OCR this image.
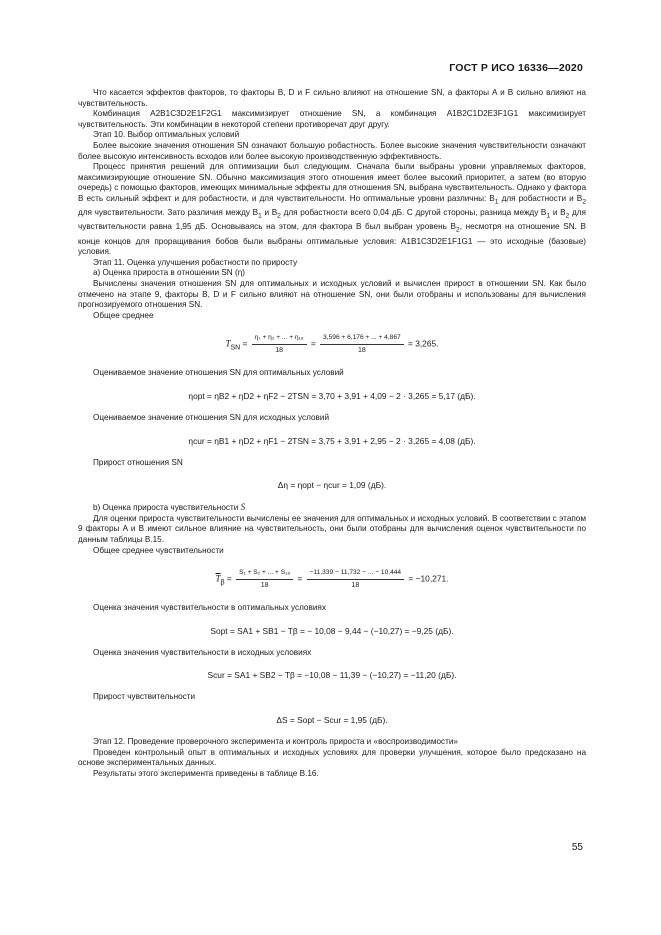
ГОСТ Р ИСО 16336—2020

Что касается эффектов факторов, то факторы B, D и F сильно влияют на отношение SN, а факторы A и B сильно влияют на чувствительность.

Комбинация A2B1C3D2E1F2G1 максимизирует отношение SN, а комбинация A1B2C1D2E3F1G1 максимизирует чувствительность. Эти комбинации в некоторой степени противоречат друг другу.

Этап 10. Выбор оптимальных условий

Более высокие значения отношения SN означают большую робастность. Более высокие значения чувствительности означают более высокую интенсивность всходов или более высокую производственную эффективность.

Процесс принятия решений для оптимизации был следующим. Сначала были выбраны уровни управляемых факторов, максимизирующие отношение SN. Обычно максимизация этого отношения имеет более высокий приоритет, а затем (во вторую очередь) с помощью факторов, имеющих минимальные эффекты для отношения SN, выбрана чувствительность. Однако у фактора B есть сильный эффект и для робастности, и для чувствительности. Но оптимальные уровни различны: $B_1$ для робастности и $B_2$ для чувствительности. Зато различия между $B_1$ и $B_2$ для робастности всего 0,04 дБ. С другой стороны, разница между $B_1$ и $B_2$ для чувствительности равна 1,95 дБ. Основываясь на этом, для фактора B был выбран уровень $B_2$, несмотря на отношение SN. В конце концов для проращивания бобов были выбраны оптимальные условия: A1B1C3D2E1F1G1 — это исходные (базовые) условия.

Этап 11. Оценка улучшения робастности по приросту

а) Оценка прироста в отношении SN (η)

Вычислены значения отношения SN для оптимальных и исходных условий и вычислен прирост в отношении SN. Как было отмечено на этапе 9, факторы B, D и F сильно влияют на отношение SN, они были отобраны и использованы для вычисления прогнозируемого отношения SN.

Общее среднее

$T_{SN} = \frac{\text{η₁ + η₂ + ... + η₁₈}}{18} = \frac{3,596 + 6,176 + ... + 4,867}{18} = 3,265$.

Оцениваемое значение отношения SN для оптимальных условий

ηopt = ηB2 + ηD2 + ηF2 − 2TSN = 3,70 + 3,91 + 4,09 − 2 · 3,265 = 5,17 (дБ).

Оцениваемое значение отношения SN для исходных условий

ηcur = ηB1 + ηD2 + ηF1 − 2TSN = 3,75 + 3,91 + 2,95 − 2 · 3,265 = 4,08 (дБ).

Прирост отношения SN

Δη = ηopt − ηcur = 1,09 (дБ).

b) Оценка прироста чувствительности S

Для оценки прироста чувствительности вычислены ее значения для оптимальных и исходных условий. В соответствии с этапом 9 факторы A и B имеют сильное влияние на чувствительность, они были отобраны для вычисления оценок чувствительности по данным таблицы B.15.

Общее среднее чувствительности

$\overline{T}_\beta = \frac{\text{S₁ + S₂ + ... + S₁₈}}{18} = \frac{-11,339 - 11,732 - ... - 10,444}{18} = -10,271$.

Оценка значения чувствительности в оптимальных условиях

Sopt = SA1 + SB1 − Tβ = − 10,08 − 9,44 − (−10,27) = −9,25 (дБ).

Оценка значения чувствительности в исходных условиях

Scur = SA1 + SB2 − Tβ = −10,08 − 11,39 − (−10,27) = −11,20 (дБ).

Прирост чувствительности

ΔS = Sopt − Scur = 1,95 (дБ).

Этап 12. Проведение проверочного эксперимента и контроль прироста и «воспроизводимости»

Проведен контрольный опыт в оптимальных и исходных условиях для проверки улучшения, которое было предсказано на основе экспериментальных данных.

Результаты этого эксперимента приведены в таблице B.16.

55
